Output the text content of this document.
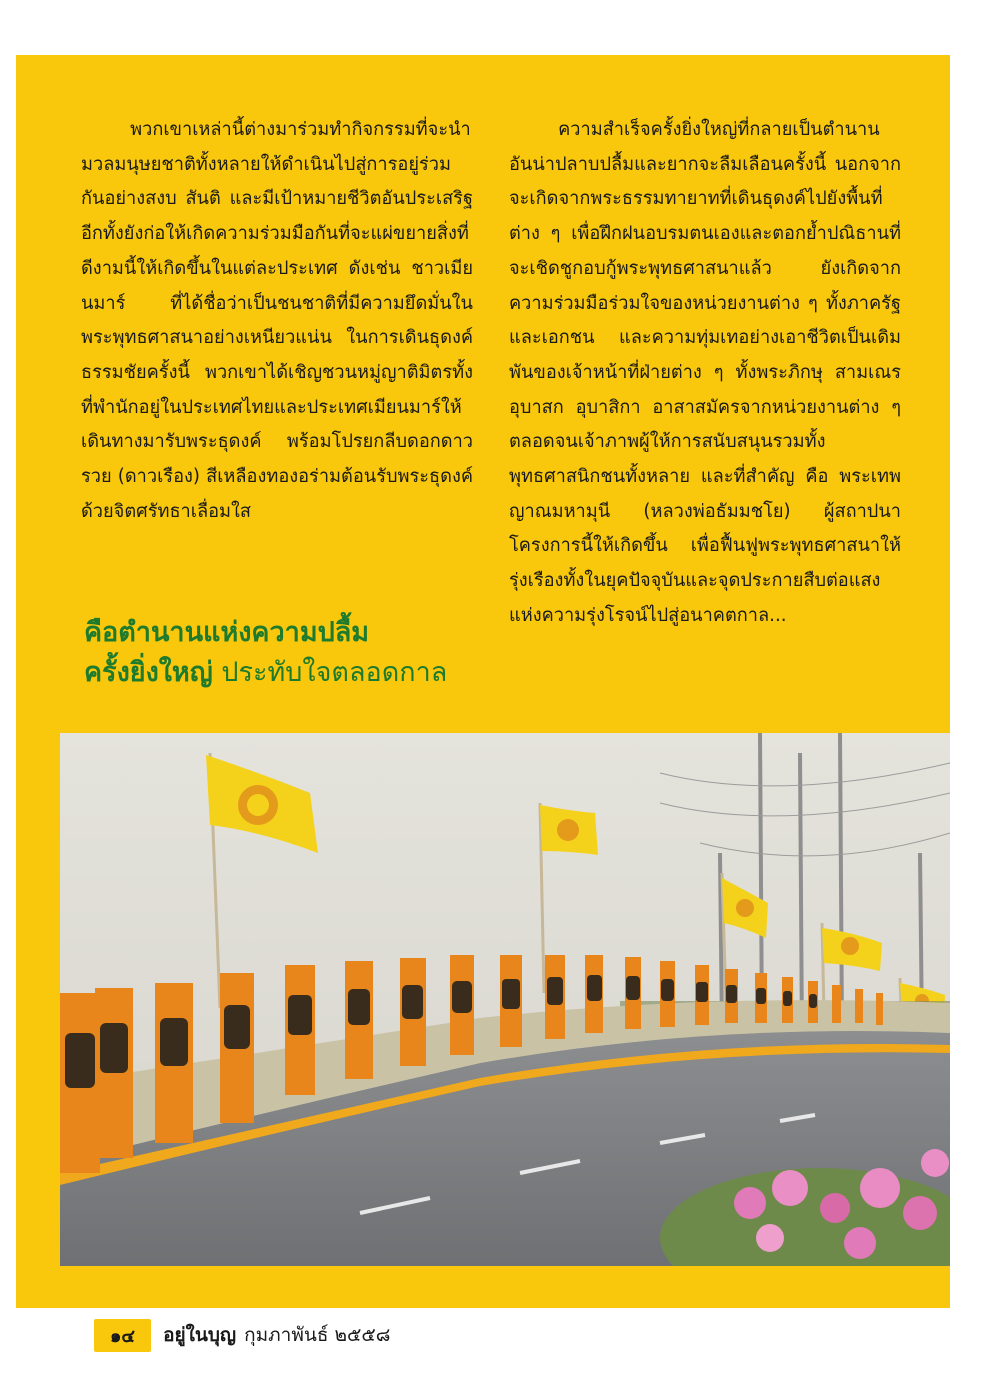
พวกเขาเหล่านี้ต่างมาร่วมทำกิจกรรมที่จะนำมวลมนุษยชาติทั้งหลายให้ดำเนินไปสู่การอยู่ร่วมกันอย่างสงบ สันติ และมีเป้าหมายชีวิตอันประเสริฐ อีกทั้งยังก่อให้เกิดความร่วมมือกันที่จะแผ่ขยายสิ่งที่ดีงามนี้ให้เกิดขึ้นในแต่ละประเทศ ดังเช่น ชาวเมียนมาร์ ที่ได้ชื่อว่าเป็นชนชาติที่มีความยึดมั่นในพระพุทธศาสนาอย่างเหนียวแน่น ในการเดินธุดงค์ธรรมชัยครั้งนี้ พวกเขาได้เชิญชวนหมู่ญาติมิตรทั้งที่พำนักอยู่ในประเทศไทยและประเทศเมียนมาร์ให้เดินทางมารับพระธุดงค์ พร้อมโปรยกลีบดอกดาวรวย (ดาวเรือง) สีเหลืองทองอร่ามต้อนรับพระธุดงค์ด้วยจิตศรัทธาเลื่อมใส

ความสำเร็จครั้งยิ่งใหญ่ที่กลายเป็นตำนานอันน่าปลาบปลื้มและยากจะลืมเลือนครั้งนี้ นอกจากจะเกิดจากพระธรรมทายาทที่เดินธุดงค์ไปยังพื้นที่ต่าง ๆ เพื่อฝึกฝนอบรมตนเองและตอกย้ำปณิธานที่จะเชิดชูกอบกู้พระพุทธศาสนาแล้ว ยังเกิดจากความร่วมมือร่วมใจของหน่วยงานต่าง ๆ ทั้งภาครัฐและเอกชน และความทุ่มเทอย่างเอาชีวิตเป็นเดิมพันของเจ้าหน้าที่ฝ่ายต่าง ๆ ทั้งพระภิกษุ สามเณร อุบาสก อุบาสิกา อาสาสมัครจากหน่วยงานต่าง ๆ ตลอดจนเจ้าภาพผู้ให้การสนับสนุนรวมทั้งพุทธศาสนิกชนทั้งหลาย และที่สำคัญ คือ พระเทพญาณมหามุนี (หลวงพ่อธัมมชโย) ผู้สถาปนาโครงการนี้ให้เกิดขึ้น เพื่อฟื้นฟูพระพุทธศาสนาให้รุ่งเรืองทั้งในยุคปัจจุบันและจุดประกายสืบต่อแสงแห่งความรุ่งโรจน์ไปสู่อนาคตกาล...

คือตำนานแห่งความปลื้ม
ครั้งยิ่งใหญ่ ประทับใจตลอดกาล
๑๔	อยู่ในบุญ กุมภาพันธ์ ๒๕๕๘
